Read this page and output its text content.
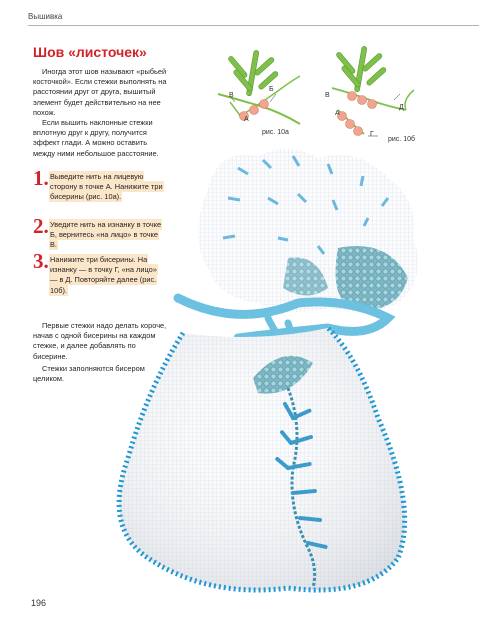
Вышивка
Шов «листочек»

Иногда этот шов называют «рыбьей косточкой». Если стежки выполнять на расстоянии друг от друга, вышитый элемент будет действительно на нее похож.

Если вышить наклонные стежки вплотную друг к другу, получится эффект глади. А можно оставить между ними небольшое расстояние.

1. Выведите нить на лицевую сторону в точке А. Нанижите три бисерины (рис. 10а).
2. Уведите нить на изнанку в точке Б, вернитесь «на лицо» в точке В.
3. Нанижите три бисерины. На изнанку — в точку Г, «на лицо» — в Д. Повторяйте далее (рис. 10б).

Первые стежки надо делать короче, начав с одной бисерины на каждом стежке, и далее добавлять по бисерине.

Стежки заполняются бисером целиком.

В
Б
А
рис. 10а
В
Д
А
Г
рис. 10б
196
